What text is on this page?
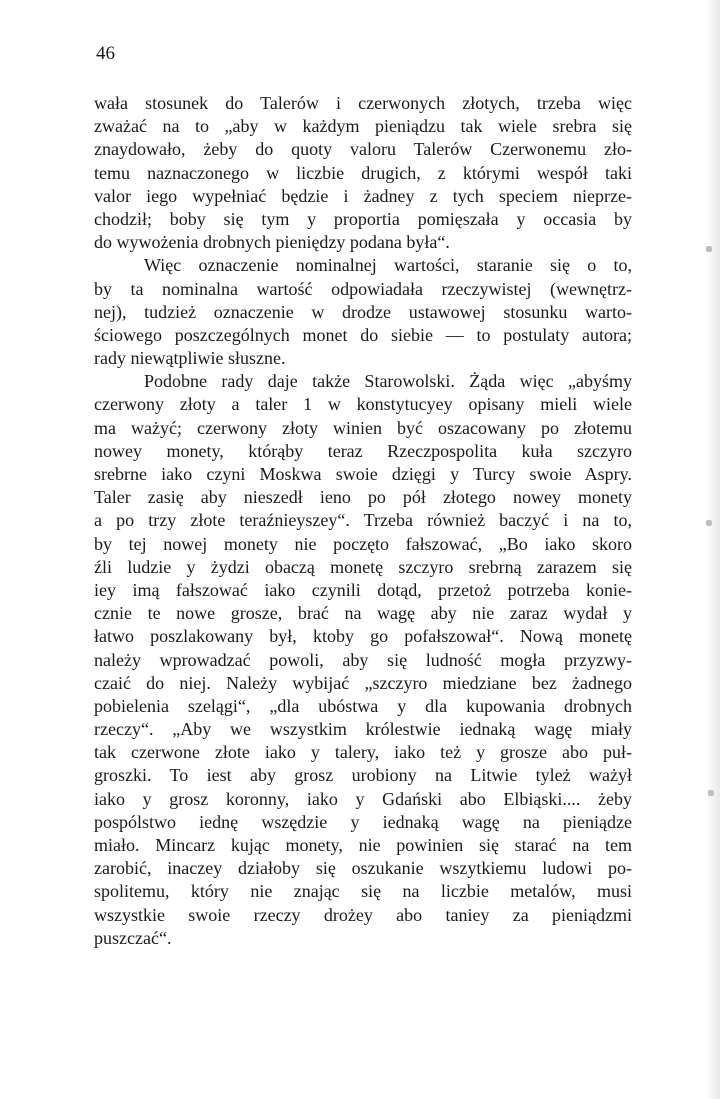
46
wała stosunek do Talerów i czerwonych złotych, trzeba więc
zważać na to „aby w każdym pieniądzu tak wiele srebra się
znaydowało, żeby do quoty valoru Talerów Czerwonemu zło-
temu naznaczonego w liczbie drugich, z którymi wespół taki
valor iego wypełniać będzie i żadney z tych speciem nieprze-
chodził; boby się tym y proportia pomięszała y occasia by
do wywożenia drobnych pieniędzy podana była“.
Więc oznaczenie nominalnej wartości, staranie się o to,
by ta nominalna wartość odpowiadała rzeczywistej (wewnętrz-
nej), tudzież oznaczenie w drodze ustawowej stosunku warto-
ściowego poszczególnych monet do siebie — to postulaty autora;
rady niewątpliwie słuszne.
Podobne rady daje także Starowolski. Żąda więc „abyśmy
czerwony złoty a taler 1 w konstytucyey opisany mieli wiele
ma ważyć; czerwony złoty winien być oszacowany po złotemu
nowey monety, którąby teraz Rzeczpospolita kuła szczyro
srebrne iako czyni Moskwa swoie dzięgi y Turcy swoie Aspry.
Taler zasię aby nieszedł ieno po pół złotego nowey monety
a po trzy złote teraźnieyszey“. Trzeba również baczyć i na to,
by tej nowej monety nie poczęto fałszować, „Bo iako skoro
źli ludzie y żydzi obaczą monetę szczyro srebrną zarazem się
iey imą fałszować iako czynili dotąd, przetoż potrzeba konie-
cznie te nowe grosze, brać na wagę aby nie zaraz wydał y
łatwo poszlakowany był, ktoby go pofałszował“. Nową monetę
należy wprowadzać powoli, aby się ludność mogła przyzwy-
czaić do niej. Należy wybijać „szczyro miedziane bez żadnego
pobielenia szelągi“, „dla ubóstwa y dla kupowania drobnych
rzeczy“. „Aby we wszystkim królestwie iednaką wagę miały
tak czerwone złote iako y talery, iako też y grosze abo puł-
groszki. To iest aby grosz urobiony na Litwie tyleż ważył
iako y grosz koronny, iako y Gdański abo Elbiąski.... żeby
pospólstwo iednę wszędzie y iednaką wagę na pieniądze
miało. Mincarz kując monety, nie powinien się starać na tem
zarobić, inaczey działoby się oszukanie wszytkiemu ludowi po-
spolitemu, który nie znając się na liczbie metalów, musi
wszystkie swoie rzeczy drożey abo taniey za pieniądzmi
puszczać“.
